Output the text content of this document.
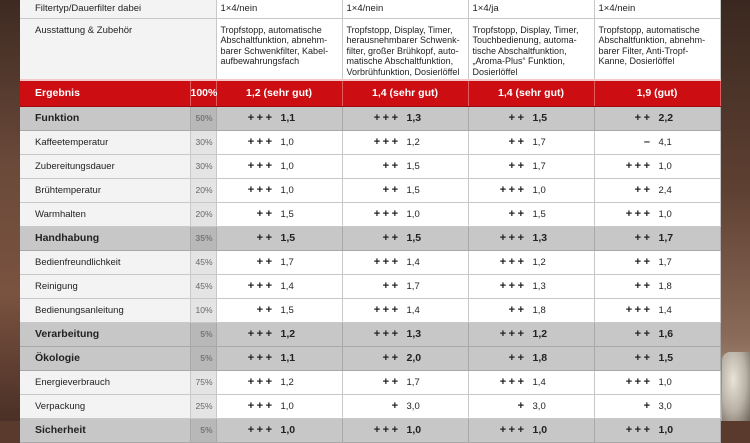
Filtertyp/Dauerfilter dabei		1×4/nein	1×4/nein	1×4/ja	1×4/nein
Ausstattung & Zubehör		Tropfstopp, automatische Abschaltfunktion, abnehmbarer Schwenkfilter, Kabelaufbewahrungsfach	Tropfstopp, Display, Timer, herausnehmbarer Schwenkfilter, großer Brühkopf, automatische Abschaltfunktion, Vorbrühfunktion, Dosierlöffel	Tropfstopp, Display, Timer, Touchbedienung, automatische Abschaltfunktion, „Aroma-Plus“ Funktion, Dosierlöffel	Tropfstopp, automatische Abschaltfunktion, abnehmbarer Filter, Anti-Tropf-Kanne, Dosierlöffel
Ergebnis	100%	1,2 (sehr gut)	1,4 (sehr gut)	1,4 (sehr gut)	1,9 (gut)
Funktion	50%	+++ 1,1	+++ 1,3	++ 1,5	++ 2,2
Kaffeetemperatur	30%	+++ 1,0	+++ 1,2	++ 1,7	– 4,1
Zubereitungsdauer	30%	+++ 1,0	++ 1,5	++ 1,7	+++ 1,0
Brühtemperatur	20%	+++ 1,0	++ 1,5	+++ 1,0	++ 2,4
Warmhalten	20%	++ 1,5	+++ 1,0	++ 1,5	+++ 1,0
Handhabung	35%	++ 1,5	++ 1,5	+++ 1,3	++ 1,7
Bedienfreundlichkeit	45%	++ 1,7	+++ 1,4	+++ 1,2	++ 1,7
Reinigung	45%	+++ 1,4	++ 1,7	+++ 1,3	++ 1,8
Bedienungsanleitung	10%	++ 1,5	+++ 1,4	++ 1,8	+++ 1,4
Verarbeitung	5%	+++ 1,2	+++ 1,3	+++ 1,2	++ 1,6
Ökologie	5%	+++ 1,1	++ 2,0	++ 1,8	++ 1,5
Energieverbrauch	75%	+++ 1,2	++ 1,7	+++ 1,4	+++ 1,0
Verpackung	25%	+++ 1,0	+ 3,0	+ 3,0	+ 3,0
Sicherheit	5%	+++ 1,0	+++ 1,0	+++ 1,0	+++ 1,0
